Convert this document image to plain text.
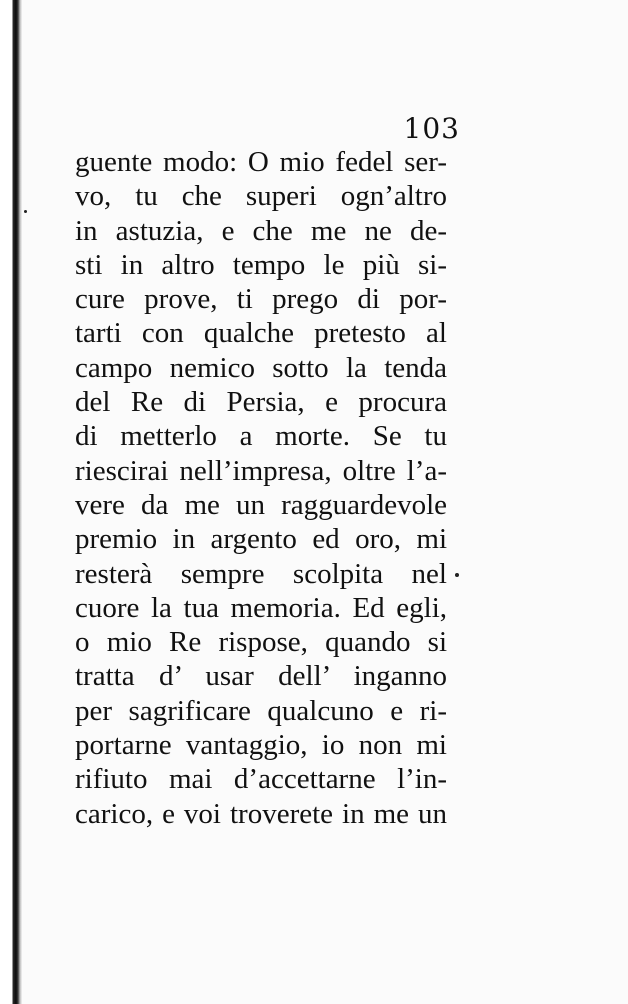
103
guente modo: O mio fedel ser-
vo, tu che superi ogn’altro
in astuzia, e che me ne de-
sti in altro tempo le più si-
cure prove, ti prego di por-
tarti con qualche pretesto al
campo nemico sotto la tenda
del Re di Persia, e procura
di metterlo a morte. Se tu
riescirai nell’impresa, oltre l’a-
vere da me un ragguardevole
premio in argento ed oro, mi
resterà sempre scolpita nel
cuore la tua memoria. Ed egli,
o mio Re rispose, quando si
tratta d’ usar dell’ inganno
per sagrificare qualcuno e ri-
portarne vantaggio, io non mi
rifiuto mai d’accettarne l’in-
carico, e voi troverete in me un
